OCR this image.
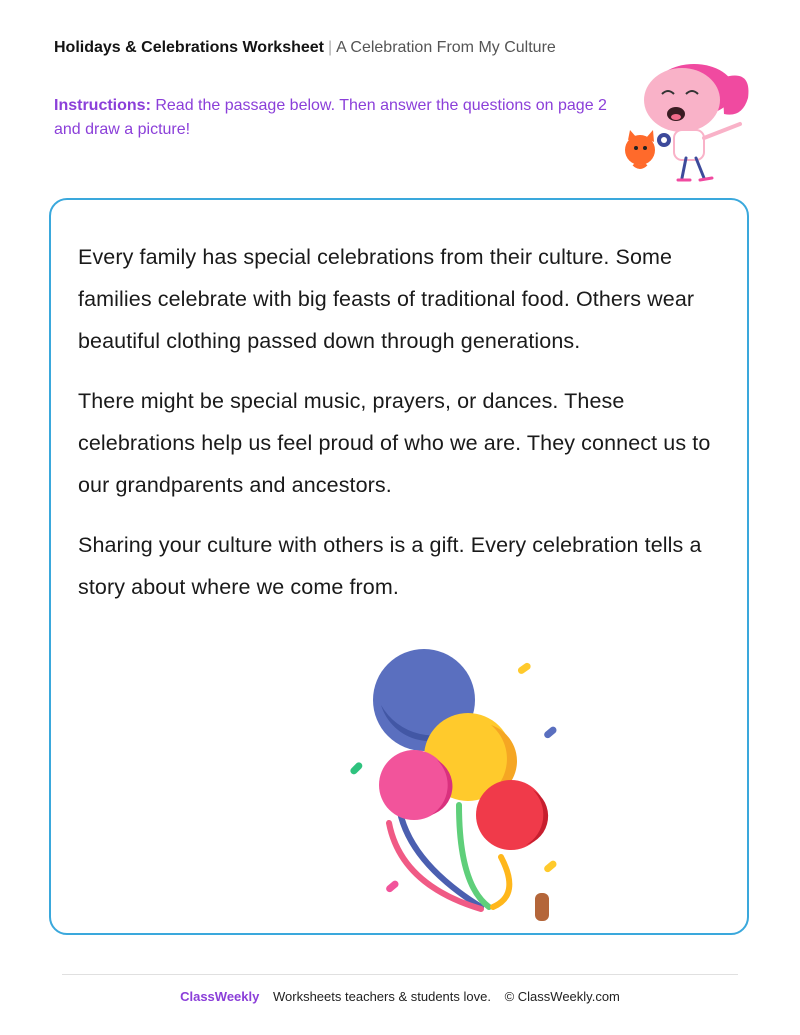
Holidays & Celebrations Worksheet | A Celebration From My Culture
Instructions: Read the passage below. Then answer the questions on page 2 and draw a picture!

Every family has special celebrations from their culture. Some families celebrate with big feasts of traditional food. Others wear beautiful clothing passed down through generations.

There might be special music, prayers, or dances. These celebrations help us feel proud of who we are. They connect us to our grandparents and ancestors.

Sharing your culture with others is a gift. Every celebration tells a story about where we come from.

ClassWeekly Worksheets teachers & students love. © ClassWeekly.com
